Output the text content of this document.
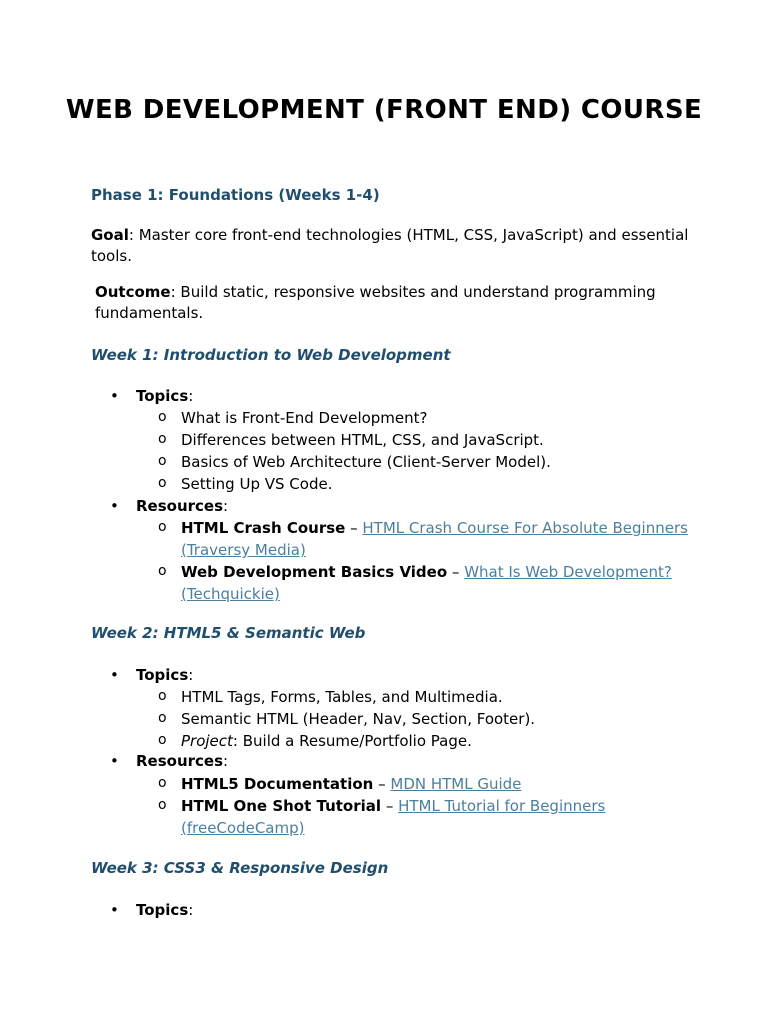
WEB DEVELOPMENT (FRONT END) COURSE
Phase 1: Foundations (Weeks 1-4)
Goal: Master core front-end technologies (HTML, CSS, JavaScript) and essential tools.
Outcome: Build static, responsive websites and understand programming fundamentals.
Week 1: Introduction to Web Development
• Topics:
o What is Front-End Development?
o Differences between HTML, CSS, and JavaScript.
o Basics of Web Architecture (Client-Server Model).
o Setting Up VS Code.
• Resources:
o HTML Crash Course – HTML Crash Course For Absolute Beginners (Traversy Media)
o Web Development Basics Video – What Is Web Development? (Techquickie)
Week 2: HTML5 & Semantic Web
• Topics:
o HTML Tags, Forms, Tables, and Multimedia.
o Semantic HTML (Header, Nav, Section, Footer).
o Project: Build a Resume/Portfolio Page.
• Resources:
o HTML5 Documentation – MDN HTML Guide
o HTML One Shot Tutorial – HTML Tutorial for Beginners (freeCodeCamp)
Week 3: CSS3 & Responsive Design
• Topics:
